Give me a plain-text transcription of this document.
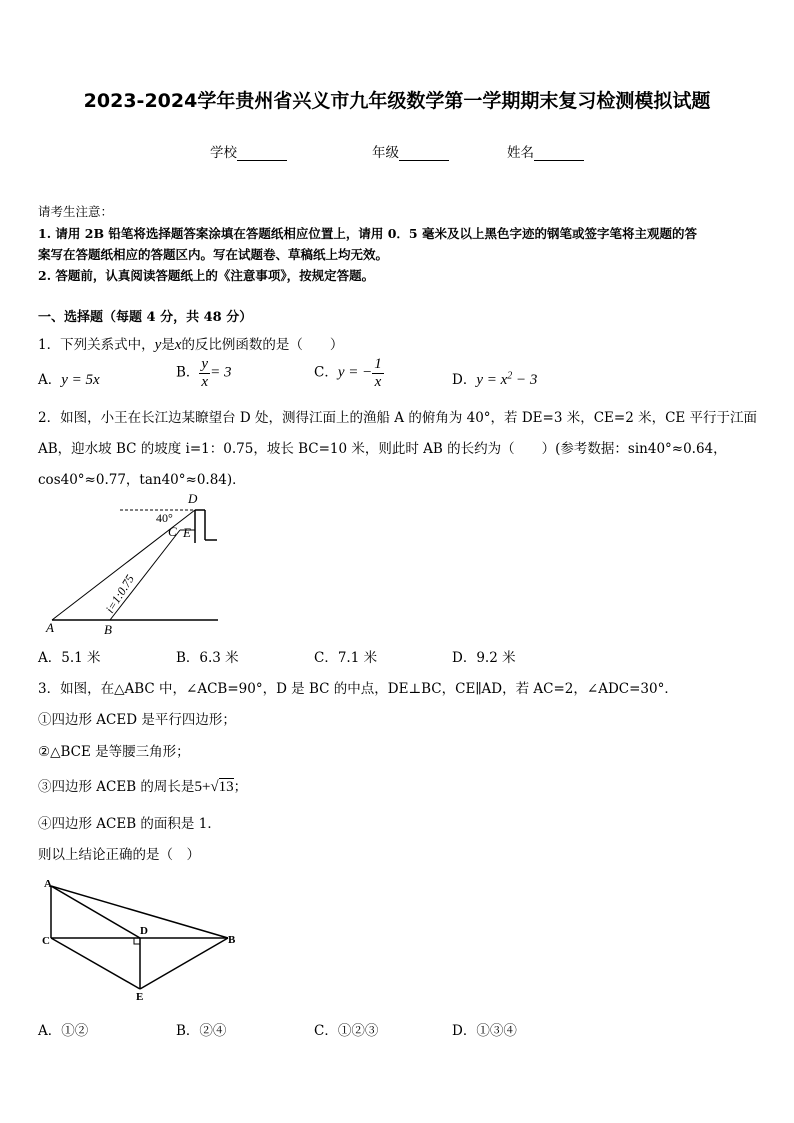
2023-2024学年贵州省兴义市九年级数学第一学期期末复习检测模拟试题
学校	年级	姓名
请考生注意：
1. 请用 2B 铅笔将选择题答案涂填在答题纸相应位置上，请用 0．5 毫米及以上黑色字迹的钢笔或签字笔将主观题的答
案写在答题纸相应的答题区内。写在试题卷、草稿纸上均无效。
2. 答题前，认真阅读答题纸上的《注意事项》，按规定答题。
一、选择题（每题 4 分，共 48 分）
1．下列关系式中，y是x的反比例函数的是（　　）
A．y = 5x	B． $\frac{y}{x} = 3$	C．y = − $\frac{1}{x}$	D．$y = x^2 - 3$
2．如图，小王在长江边某瞭望台 D 处，测得江面上的渔船 A 的俯角为 40°，若 DE=3 米，CE=2 米，CE 平行于江面
AB，迎水坡 BC 的坡度 i=1：0.75，坡长 BC=10 米，则此时 AB 的长约为（　　）(参考数据：sin40°≈0.64，
cos40°≈0.77，tan40°≈0.84)．
D
40°
C E
i=1:0.75
A	B
A．5.1 米	B．6.3 米	C．7.1 米	D．9.2 米
3．如图，在△ABC 中，∠ACB=90°，D 是 BC 的中点，DE⊥BC，CE∥AD，若 AC=2，∠ADC=30°．
①四边形 ACED 是平行四边形；
②△BCE 是等腰三角形；
③四边形 ACEB 的周长是5+√13；
④四边形 ACEB 的面积是 1．
则以上结论正确的是（　）
A
C
D
B
E
A．①②	B．②④	C．①②③	D．①③④
